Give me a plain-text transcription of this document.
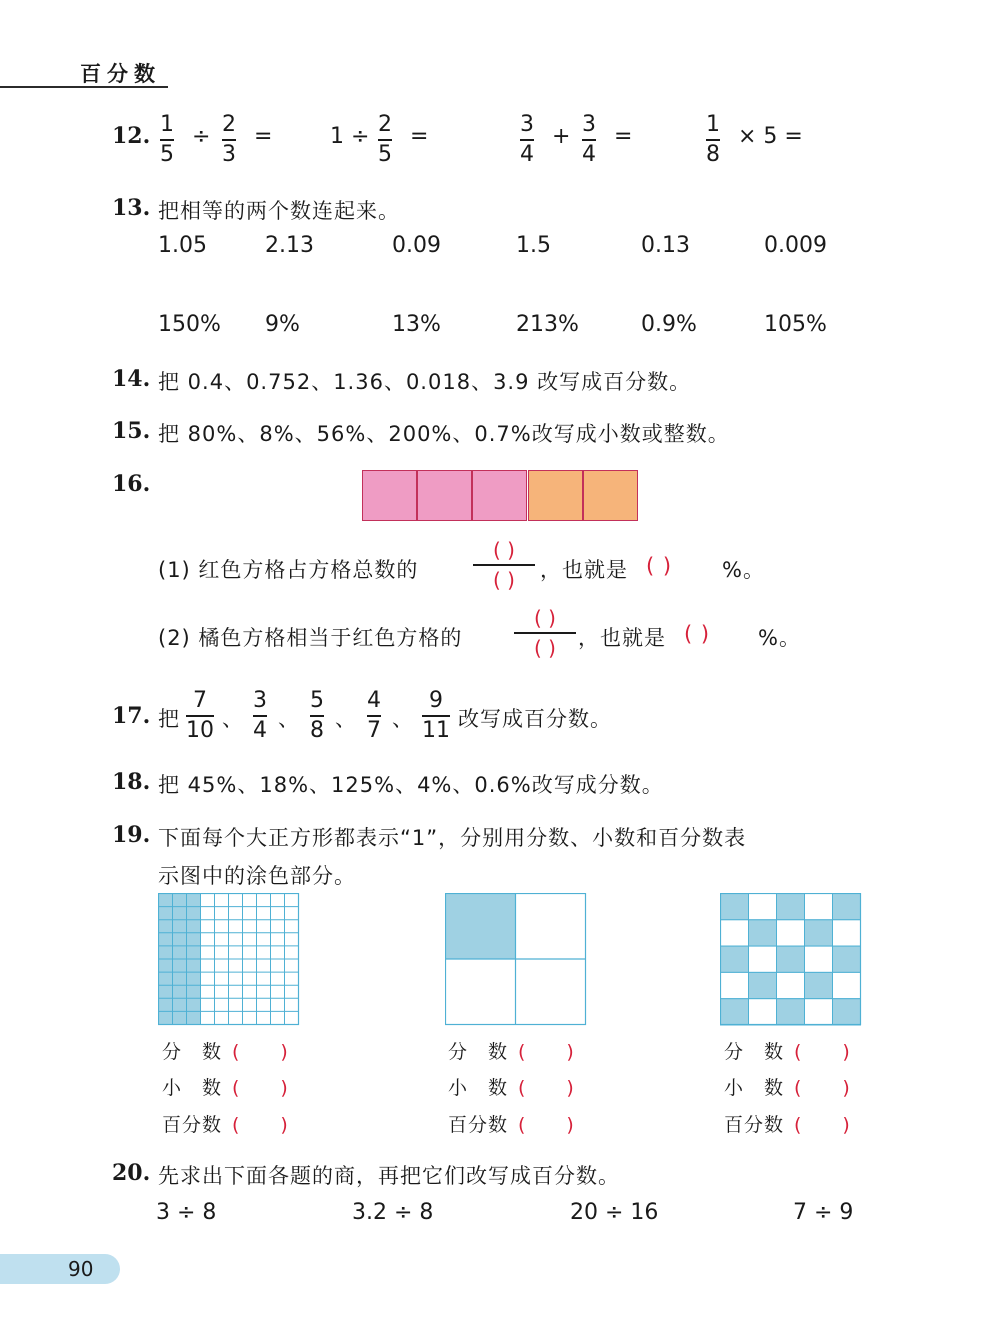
百分数
12. 1
5
÷ 2
3
=	1 ÷ 2
5
=	3
4
+ 3
4
=	1
8
× 5 =
13. 把相等的两个数连起来。
1.05	2.13	0.09	1.5	0.13	0.009
150% 9%	13%	213%	0.9%	105%
14. 把 0.4、0.752、1.36、0.018、3.9 改写成百分数。
15. 把 80%、8%、56%、200%、0.7%改写成小数或整数。
16.
(1) 红色方格占方格总数的
( )
( ) ，也就是 ( ) %。
(2) 橘色方格相当于红色方格的
( )
( ) ，也就是 ( ) %。
17. 把
7
10 、
3
4 、
5
8 、
4
7 、
9
11 改写成百分数。
18. 把 45%、18%、125%、4%、0.6%改写成分数。
19. 下面每个大正方形都表示“1”，分别用分数、小数和百分数表
示图中的涂色部分。
分　数 (　　)
小　数 (　　)
百分数 (　　)
分　数 (　　)
小　数 (　　)
百分数 (　　)
分　数 (　　)
小　数 (　　)
百分数 (　　)
20. 先求出下面各题的商，再把它们改写成百分数。
3 ÷ 8	3.2 ÷ 8	20 ÷ 16	7 ÷ 9
90
